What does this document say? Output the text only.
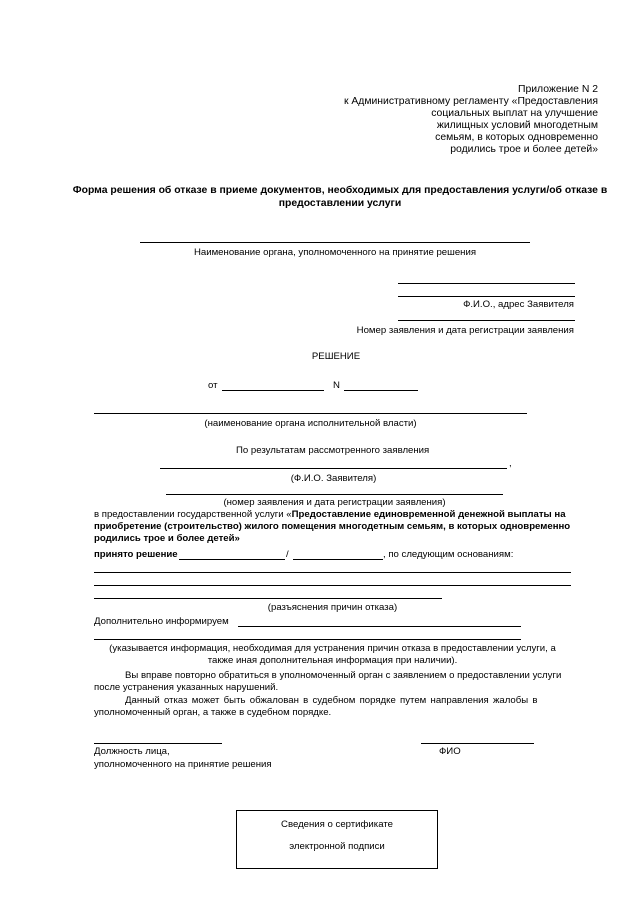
Приложение N 2
к Административному регламенту «Предоставления
социальных выплат на улучшение
жилищных условий многодетным
семьям, в которых одновременно
родились трое и более детей»
Форма решения об отказе в приеме документов, необходимых для предоставления услуги/об отказе в предоставлении услуги
Наименование органа, уполномоченного на принятие решения
Ф.И.О., адрес Заявителя
Номер заявления и дата регистрации заявления
РЕШЕНИЕ
от	N
(наименование органа исполнительной власти)
По результатам рассмотренного заявления
,
(Ф.И.О. Заявителя)
(номер заявления и дата регистрации заявления)
в предоставлении государственной услуги «Предоставление единовременной денежной выплаты на
приобретение (строительство) жилого помещения многодетным семьям, в которых одновременно
родились трое и более детей»
принято решение	/	, по следующим основаниям:
(разъяснения причин отказа)
Дополнительно информируем
(указывается информация, необходимая для устранения причин отказа в предоставлении услуги, а
также иная дополнительная информация при наличии).
Вы вправе повторно обратиться в уполномоченный орган с заявлением о предоставлении услуги
после устранения указанных нарушений.
Данный отказ может быть обжалован в судебном порядке путем направления жалобы в
уполномоченный орган, а также в судебном порядке.
Должность лица,	ФИО
уполномоченного на принятие решения
Сведения о сертификате
электронной подписи
